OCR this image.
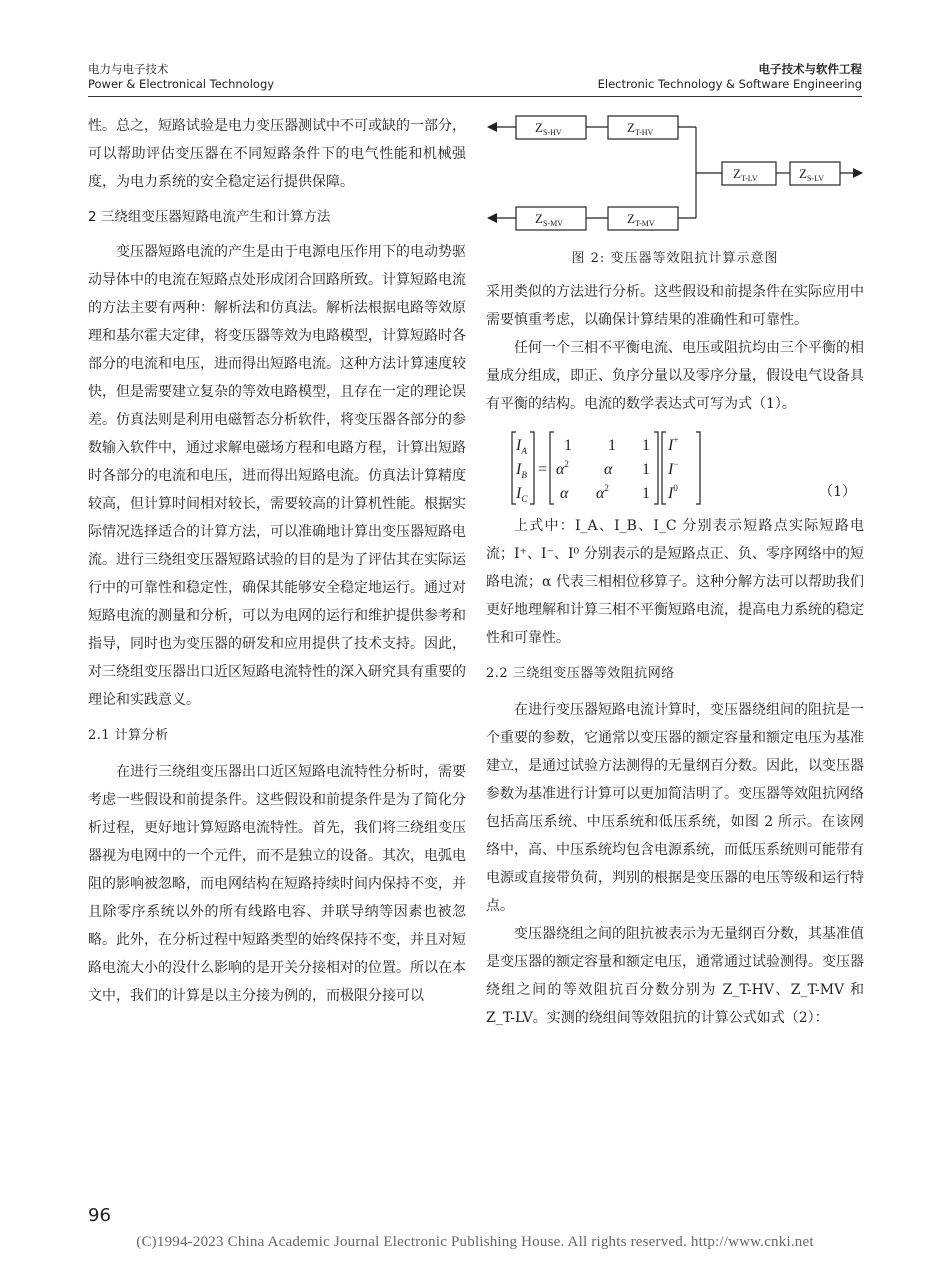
电力与电子技术
Power & Electronical Technology
电子技术与软件工程
Electronic Technology & Software Engineering

性。总之，短路试验是电力变压器测试中不可或缺的一部分，可以帮助评估变压器在不同短路条件下的电气性能和机械强度，为电力系统的安全稳定运行提供保障。

2 三绕组变压器短路电流产生和计算方法

变压器短路电流的产生是由于电源电压作用下的电动势驱动导体中的电流在短路点处形成闭合回路所致。计算短路电流的方法主要有两种：解析法和仿真法。解析法根据电路等效原理和基尔霍夫定律，将变压器等效为电路模型，计算短路时各部分的电流和电压，进而得出短路电流。这种方法计算速度较快，但是需要建立复杂的等效电路模型，且存在一定的理论误差。仿真法则是利用电磁暂态分析软件，将变压器各部分的参数输入软件中，通过求解电磁场方程和电路方程，计算出短路时各部分的电流和电压，进而得出短路电流。仿真法计算精度较高，但计算时间相对较长，需要较高的计算机性能。根据实际情况选择适合的计算方法，可以准确地计算出变压器短路电流。进行三绕组变压器短路试验的目的是为了评估其在实际运行中的可靠性和稳定性，确保其能够安全稳定地运行。通过对短路电流的测量和分析，可以为电网的运行和维护提供参考和指导，同时也为变压器的研发和应用提供了技术支持。因此，对三绕组变压器出口近区短路电流特性的深入研究具有重要的理论和实践意义。

2.1 计算分析

在进行三绕组变压器出口近区短路电流特性分析时，需要考虑一些假设和前提条件。这些假设和前提条件是为了简化分析过程，更好地计算短路电流特性。首先，我们将三绕组变压器视为电网中的一个元件，而不是独立的设备。其次，电弧电阻的影响被忽略，而电网结构在短路持续时间内保持不变，并且除零序系统以外的所有线路电容、并联导纳等因素也被忽略。此外，在分析过程中短路类型的始终保持不变，并且对短路电流大小的没什么影响的是开关分接相对的位置。所以在本文中，我们的计算是以主分接为例的，而极限分接可以

$Z_{S-HV}$	$Z_{T-HV}$
$Z_{S-MV}$	$Z_{T-MV}$
$Z_{T-LV}$	$Z_{S-LV}$
图 2: 变压器等效阻抗计算示意图

采用类似的方法进行分析。这些假设和前提条件在实际应用中需要慎重考虑，以确保计算结果的准确性和可靠性。

任何一个三相不平衡电流、电压或阻抗均由三个平衡的相量成分组成，即正、负序分量以及零序分量，假设电气设备具有平衡的结构。电流的数学表达式可写为式（1）。

$I_A$
$I_B$
$I_C$
=
1 1 1
$\alpha^2$ α 1
α $\alpha^2$ 1
I+
I−
$I^0$	（1）

上式中：I_A、I_B、I_C 分别表示短路点实际短路电流；I⁺、I⁻、I⁰ 分别表示的是短路点正、负、零序网络中的短路电流；α 代表三相相位移算子。这种分解方法可以帮助我们更好地理解和计算三相不平衡短路电流，提高电力系统的稳定性和可靠性。

2.2 三绕组变压器等效阻抗网络

在进行变压器短路电流计算时，变压器绕组间的阻抗是一个重要的参数，它通常以变压器的额定容量和额定电压为基准建立，是通过试验方法测得的无量纲百分数。因此，以变压器参数为基准进行计算可以更加简洁明了。变压器等效阻抗网络包括高压系统、中压系统和低压系统，如图 2 所示。在该网络中，高、中压系统均包含电源系统，而低压系统则可能带有电源或直接带负荷，判别的根据是变压器的电压等级和运行特点。

变压器绕组之间的阻抗被表示为无量纲百分数，其基准值是变压器的额定容量和额定电压，通常通过试验测得。变压器绕组之间的等效阻抗百分数分别为 Z_T-HV、Z_T-MV 和 Z_T-LV。实测的绕组间等效阻抗的计算公式如式（2）：

96
(C)1994-2023 China Academic Journal Electronic Publishing House. All rights reserved. http://www.cnki.net
